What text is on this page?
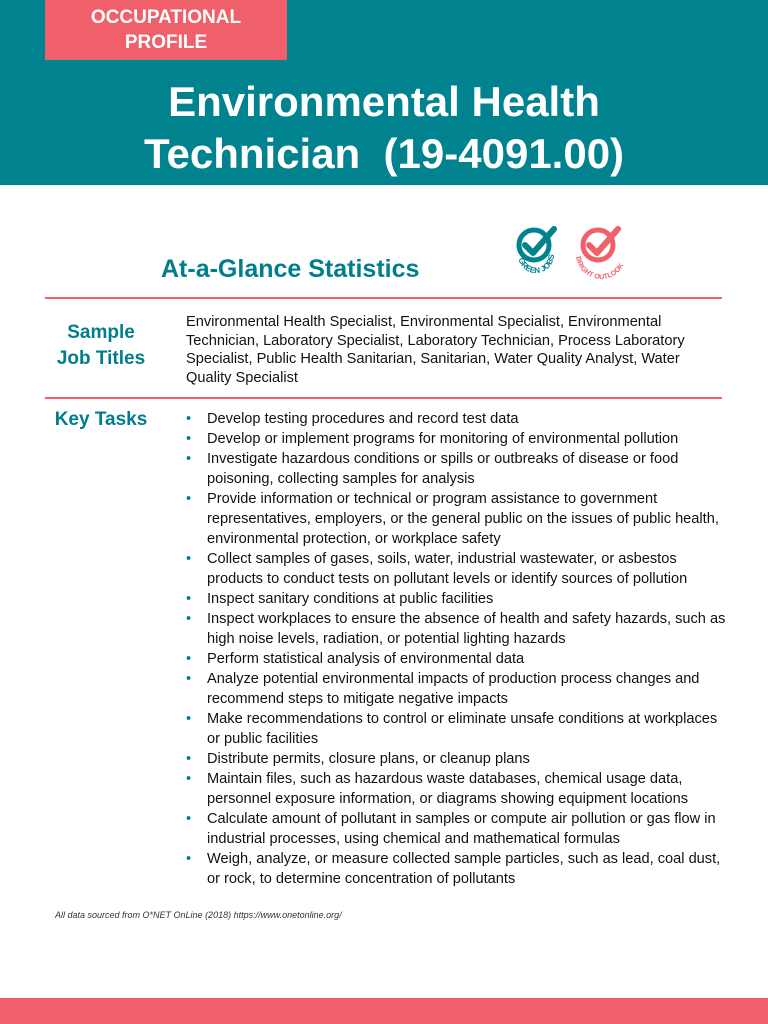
OCCUPATIONAL
PROFILE
Environmental Health
Technician  (19-4091.00)
At-a-Glance Statistics	GREEN JOBS	BRIGHT OUTLOOK
Sample
Job Titles

Environmental Health Specialist, Environmental Specialist, Environmental Technician, Laboratory Specialist, Laboratory Technician, Process Laboratory Specialist, Public Health Sanitarian, Sanitarian, Water Quality Analyst, Water Quality Specialist

Key Tasks
•	Develop testing procedures and record test data
• Develop or implement programs for monitoring of environmental pollution
• Investigate hazardous conditions or spills or outbreaks of disease or food poisoning, collecting samples for analysis
• Provide information or technical or program assistance to government representatives, employers, or the general public on the issues of public health, environmental protection, or workplace safety
• Collect samples of gases, soils, water, industrial wastewater, or asbestos products to conduct tests on pollutant levels or identify sources of pollution
• Inspect sanitary conditions at public facilities
• Inspect workplaces to ensure the absence of health and safety hazards, such as high noise levels, radiation, or potential lighting hazards
• Perform statistical analysis of environmental data
• Analyze potential environmental impacts of production process changes and recommend steps to mitigate negative impacts
• Make recommendations to control or eliminate unsafe conditions at workplaces or public facilities
• Distribute permits, closure plans, or cleanup plans
• Maintain files, such as hazardous waste databases, chemical usage data, personnel exposure information, or diagrams showing equipment locations
• Calculate amount of pollutant in samples or compute air pollution or gas flow in industrial processes, using chemical and mathematical formulas
• Weigh, analyze, or measure collected sample particles, such as lead, coal dust, or rock, to determine concentration of pollutants
All data sourced from O*NET OnLine (2018) https://www.onetonline.org/
